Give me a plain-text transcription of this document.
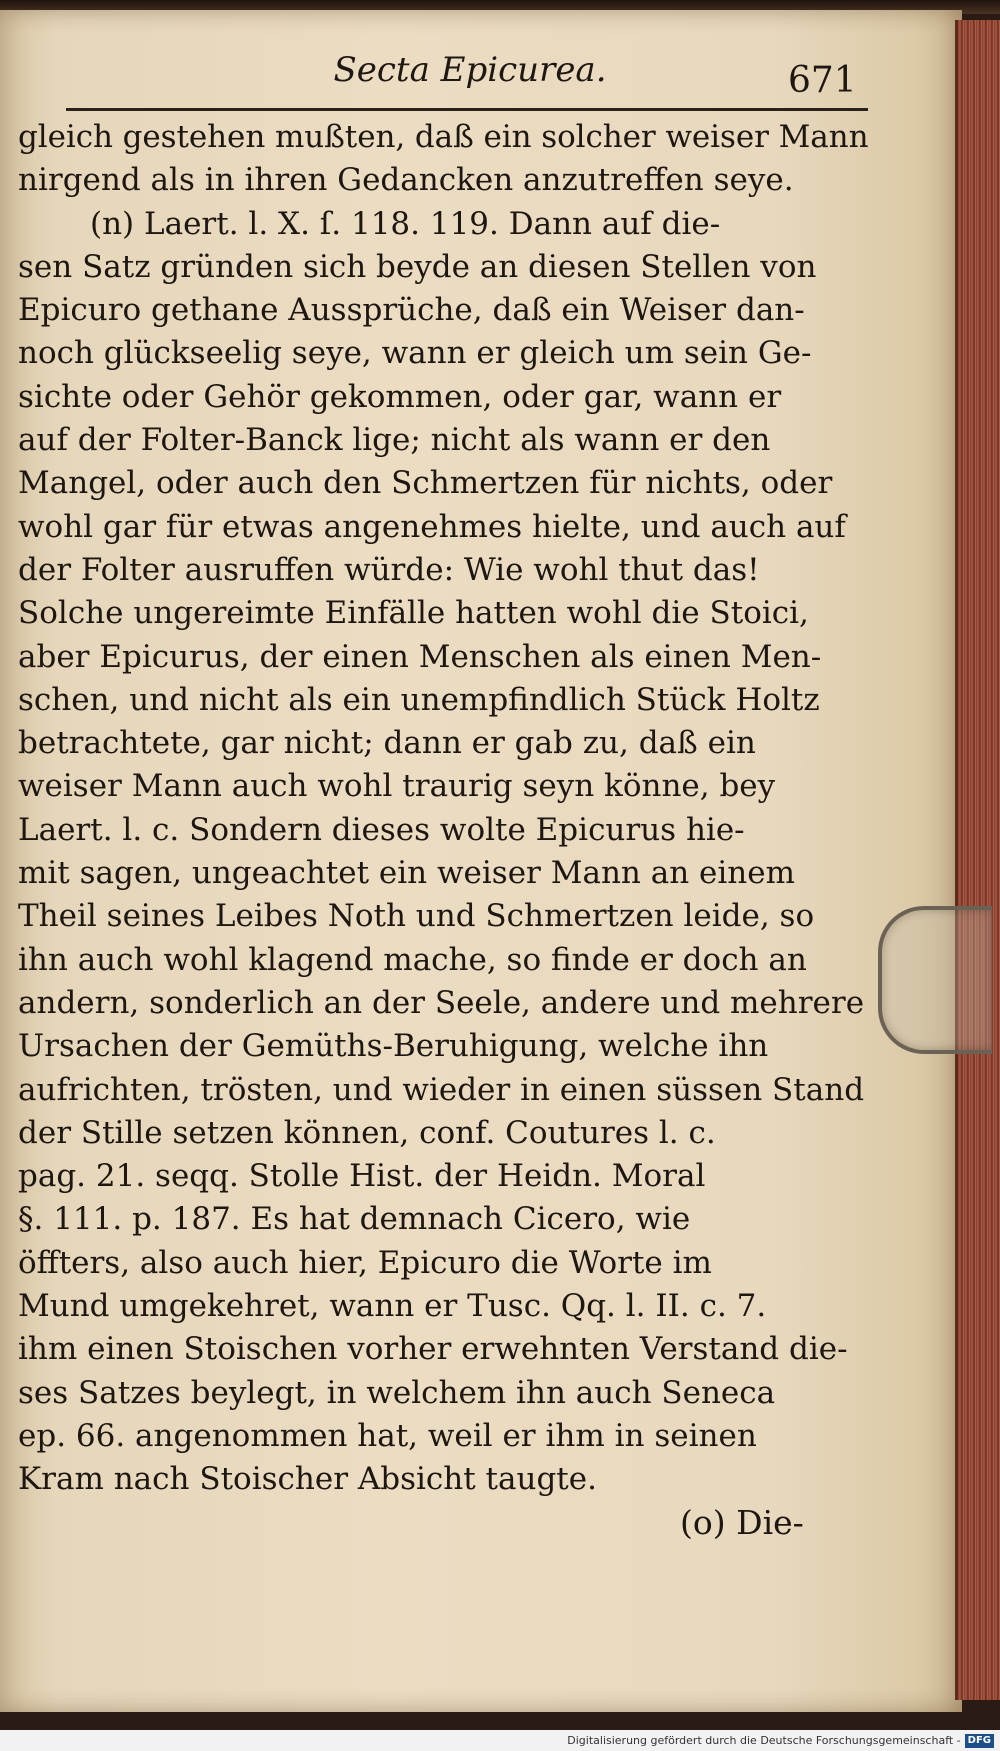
Secta Epicurea.	671
gleich gestehen mußten, daß ein solcher weiser Mann
nirgend als in ihren Gedancken anzutreffen seye.
(n) Laert. l. X. ſ. 118. 119. Dann auf die-
sen Satz gründen sich beyde an diesen Stellen von
Epicuro gethane Aussprüche, daß ein Weiser dan-
noch glückseelig seye, wann er gleich um sein Ge-
sichte oder Gehör gekommen, oder gar, wann er
auf der Folter-Banck lige; nicht als wann er den
Mangel, oder auch den Schmertzen für nichts, oder
wohl gar für etwas angenehmes hielte, und auch auf
der Folter ausruffen würde: Wie wohl thut das!
Solche ungereimte Einfälle hatten wohl die Stoici,
aber Epicurus, der einen Menschen als einen Men-
schen, und nicht als ein unempfindlich Stück Holtz
betrachtete, gar nicht; dann er gab zu, daß ein
weiser Mann auch wohl traurig seyn könne, bey
Laert. l. c. Sondern dieses wolte Epicurus hie-
mit sagen, ungeachtet ein weiser Mann an einem
Theil seines Leibes Noth und Schmertzen leide, so
ihn auch wohl klagend mache, so finde er doch an
andern, sonderlich an der Seele, andere und mehrere
Ursachen der Gemüths-Beruhigung, welche ihn
aufrichten, trösten, und wieder in einen süssen Stand
der Stille setzen können, conf. Coutures l. c.
pag. 21. seqq. Stolle Hist. der Heidn. Moral
§. 111. p. 187. Es hat demnach Cicero, wie
öffters, also auch hier, Epicuro die Worte im
Mund umgekehret, wann er Tusc. Qq. l. II. c. 7.
ihm einen Stoischen vorher erwehnten Verstand die-
ses Satzes beylegt, in welchem ihn auch Seneca
ep. 66. angenommen hat, weil er ihm in seinen
Kram nach Stoischer Absicht taugte.
(o) Die-
Digitalisierung gefördert durch die Deutsche Forschungsgemeinschaft - DFG
